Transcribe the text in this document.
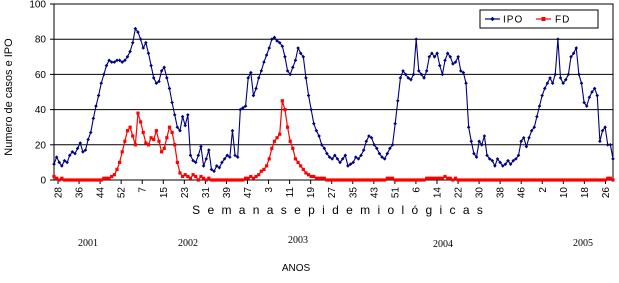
0
20
40
60
80
100
28 36 44 52 7 15 23 31 39 47 3 11 19 27 35 43 51 6 14 22 30 38 46 2 10 18 26
IPO	FD
Numero de casos e IPO
S e m a n a s e p i d e m i o l ó g i c a s
2001	2002	2003	2004	2005
ANOS
